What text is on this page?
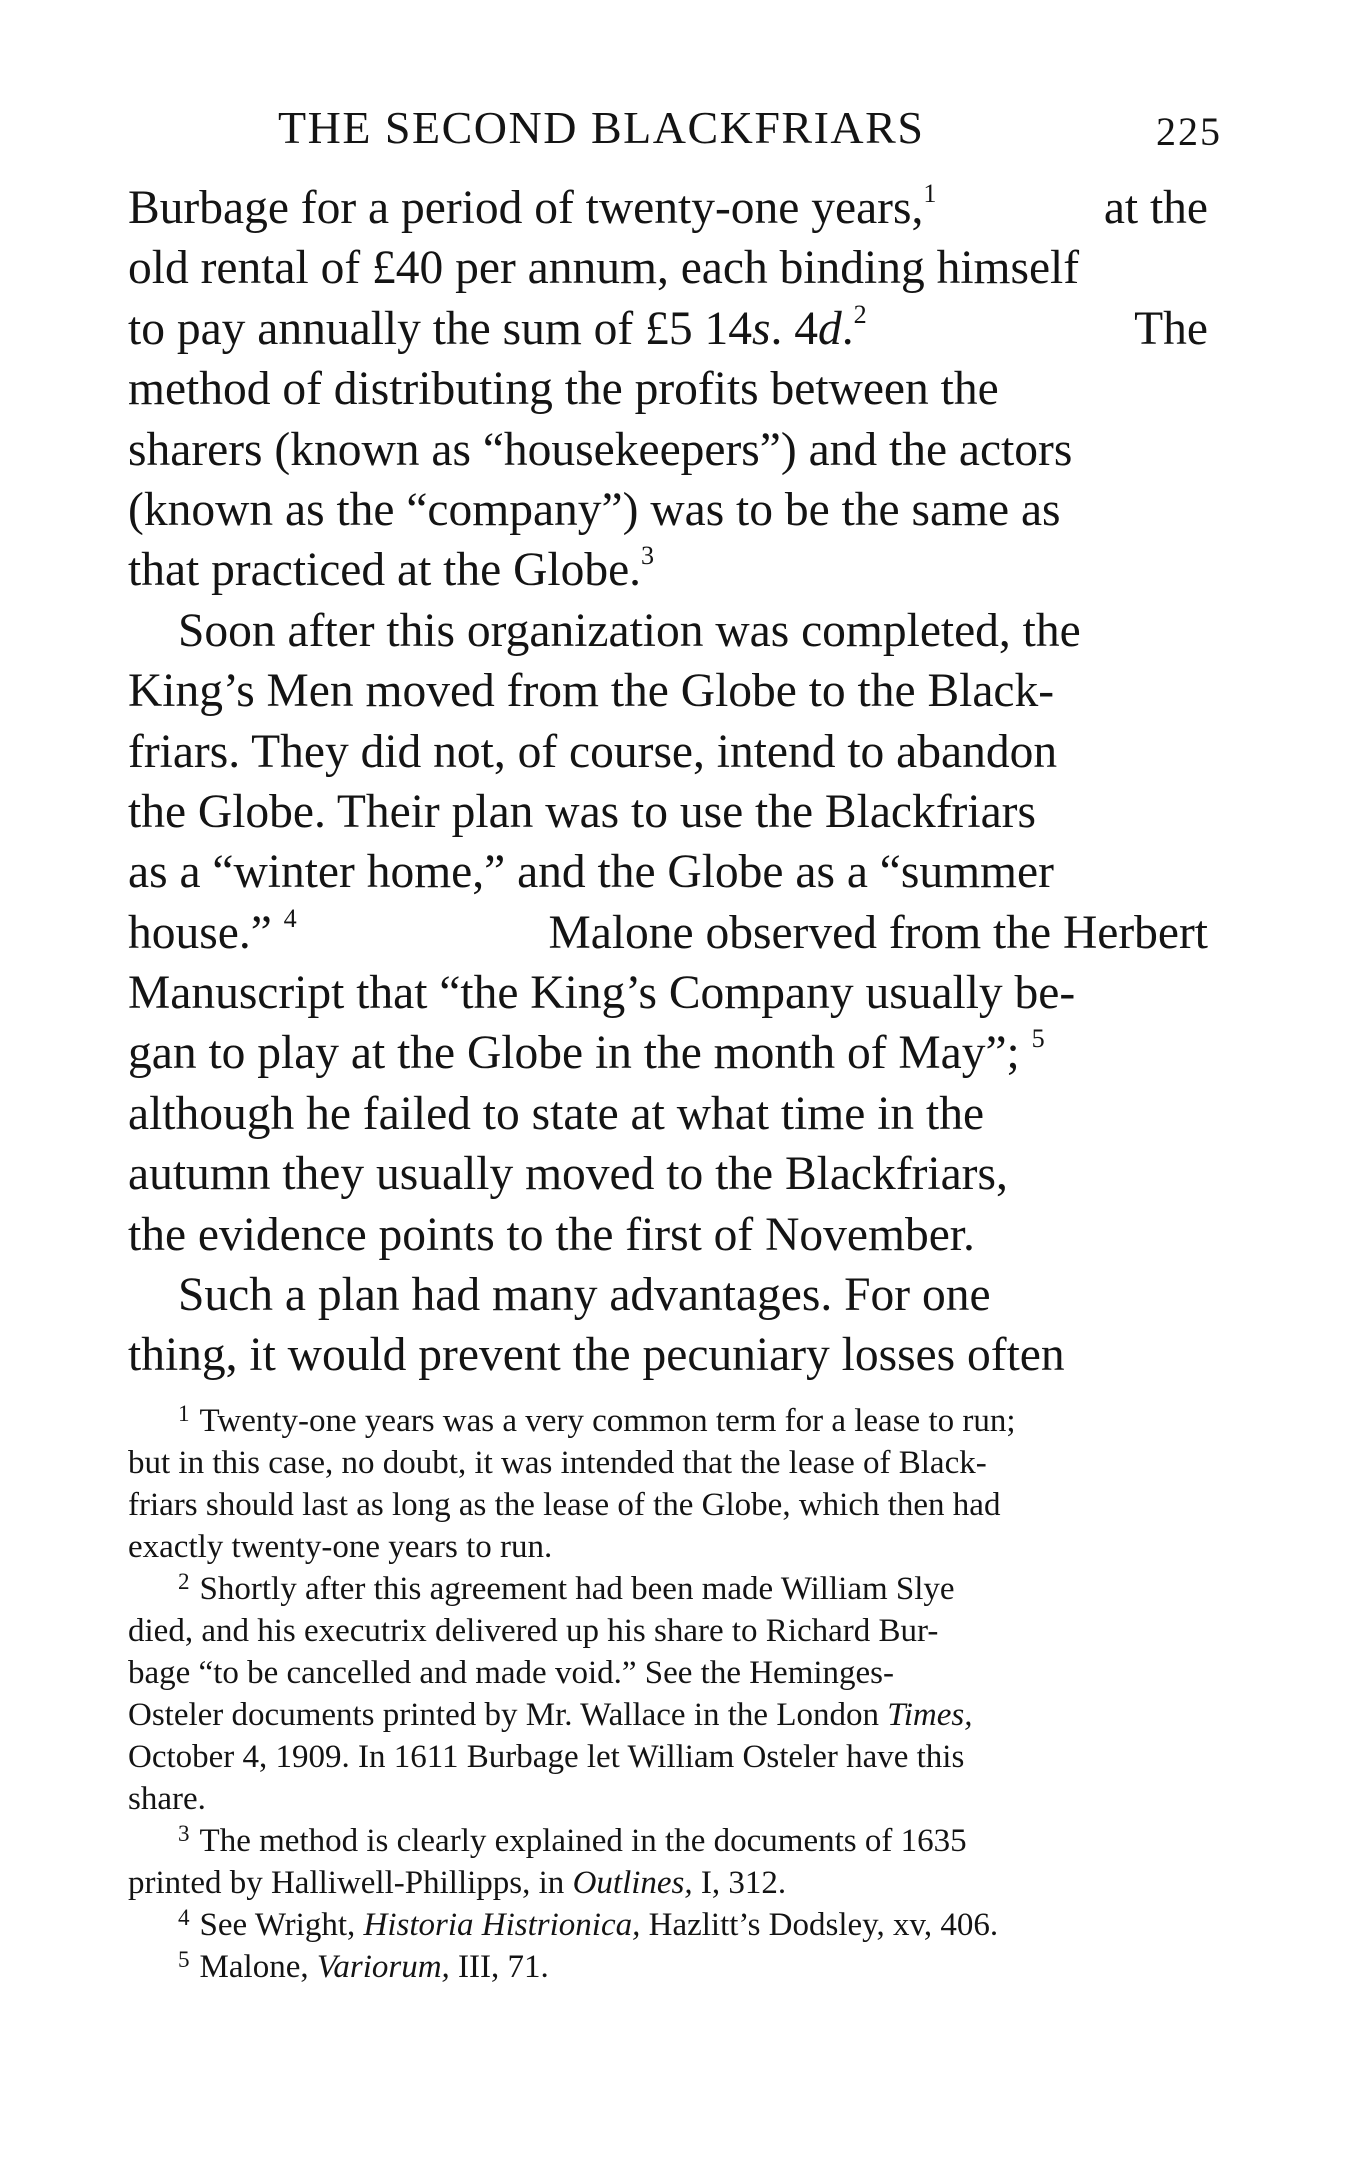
THE SECOND BLACKFRIARS	225
Burbage for a period of twenty-one years,$^1$	at the
old rental of £40 per annum, each binding himself
to pay annually the sum of £5 14s. 4d.$^2$	The
method of distributing the profits between the
sharers (known as “housekeepers”) and the actors
(known as the “company”) was to be the same as
that practiced at the Globe.$^3$
Soon after this organization was completed, the
King’s Men moved from the Globe to the Black-
friars. They did not, of course, intend to abandon
the Globe. Their plan was to use the Blackfriars
as a “winter home,” and the Globe as a “summer
house.” $^4$	Malone observed from the Herbert
Manuscript that “the King’s Company usually be-
gan to play at the Globe in the month of May”; $^5$
although he failed to state at what time in the
autumn they usually moved to the Blackfriars,
the evidence points to the first of November.
Such a plan had many advantages. For one
thing, it would prevent the pecuniary losses often
$^1$ Twenty-one years was a very common term for a lease to run;
but in this case, no doubt, it was intended that the lease of Black-
friars should last as long as the lease of the Globe, which then had
exactly twenty-one years to run.
$^2$ Shortly after this agreement had been made William Slye
died, and his executrix delivered up his share to Richard Bur-
bage “to be cancelled and made void.” See the Heminges-
Osteler documents printed by Mr. Wallace in the London Times,
October 4, 1909. In 1611 Burbage let William Osteler have this
share.
$^3$ The method is clearly explained in the documents of 1635
printed by Halliwell-Phillipps, in Outlines, I, 312.
$^4$ See Wright, Historia Histrionica, Hazlitt’s Dodsley, xv, 406.
$^5$ Malone, Variorum, III, 71.
